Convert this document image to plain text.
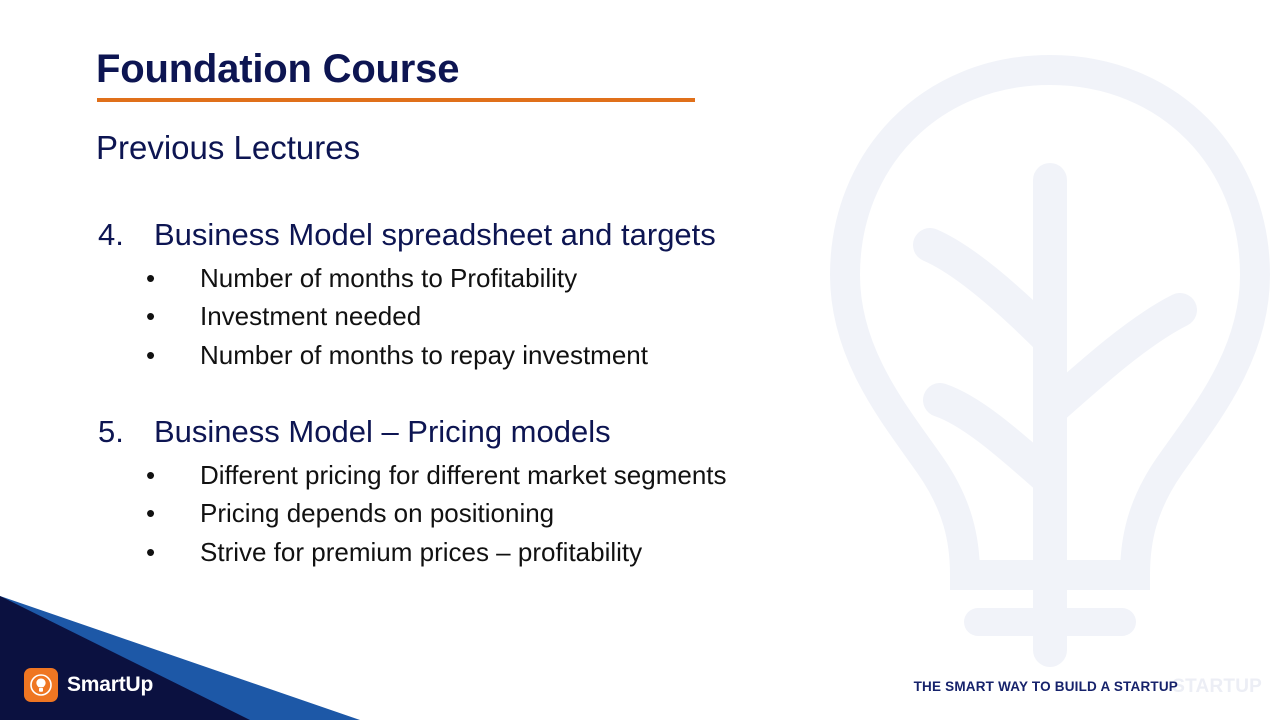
STARTUP
Foundation Course
Previous Lectures
4. Business Model spreadsheet and targets
• Number of months to Profitability
• Investment needed
• Number of months to repay investment
5. Business Model – Pricing models
• Different pricing for different market segments
• Pricing depends on positioning
• Strive for premium prices – profitability
SmartUp	THE SMART WAY TO BUILD A STARTUP
